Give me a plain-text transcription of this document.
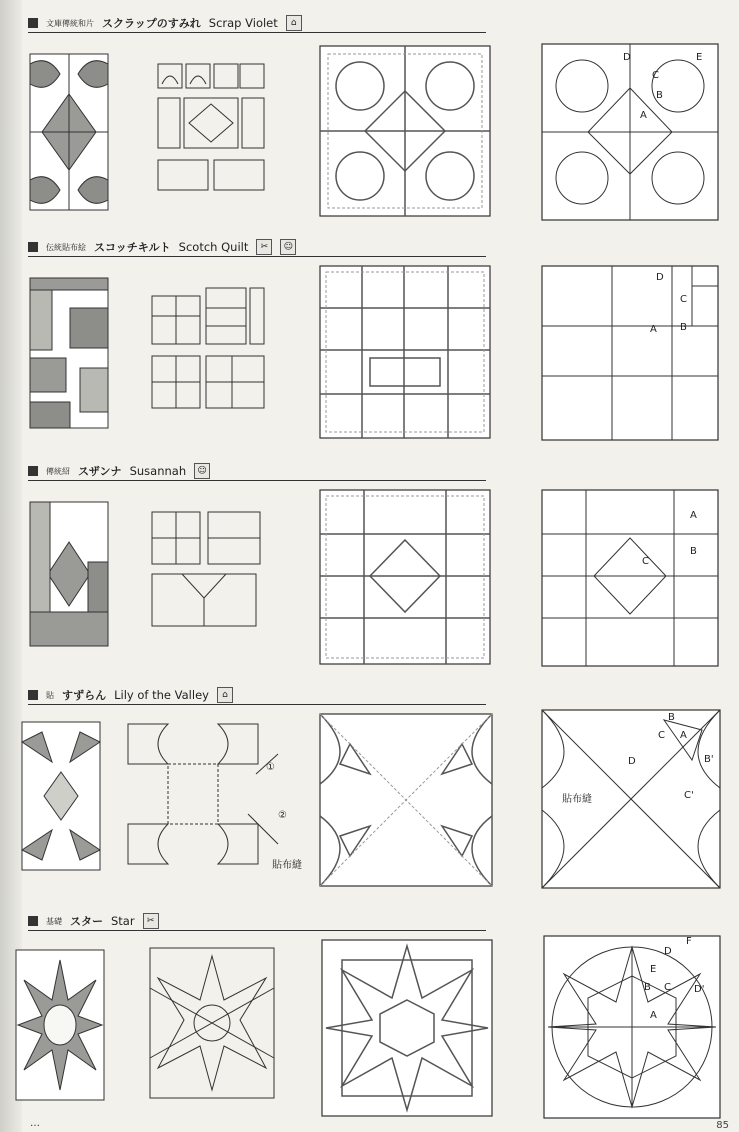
文庫傳統和片 スクラップのすみれ Scrap Violet	⌂
D	E
C
B
A
伝統貼布絵 スコッチキルト Scotch Quilt	✂	☺
D
C
A B
傳統紹 スザンナ Susannah	☺
A
C
B
貼 すずらん Lily of the Valley	⌂
①
②
貼布縫
B
C A
D	B'
C'
貼布縫
基礎 スター Star	✂
D
F
E
B C D'
A
…	85
